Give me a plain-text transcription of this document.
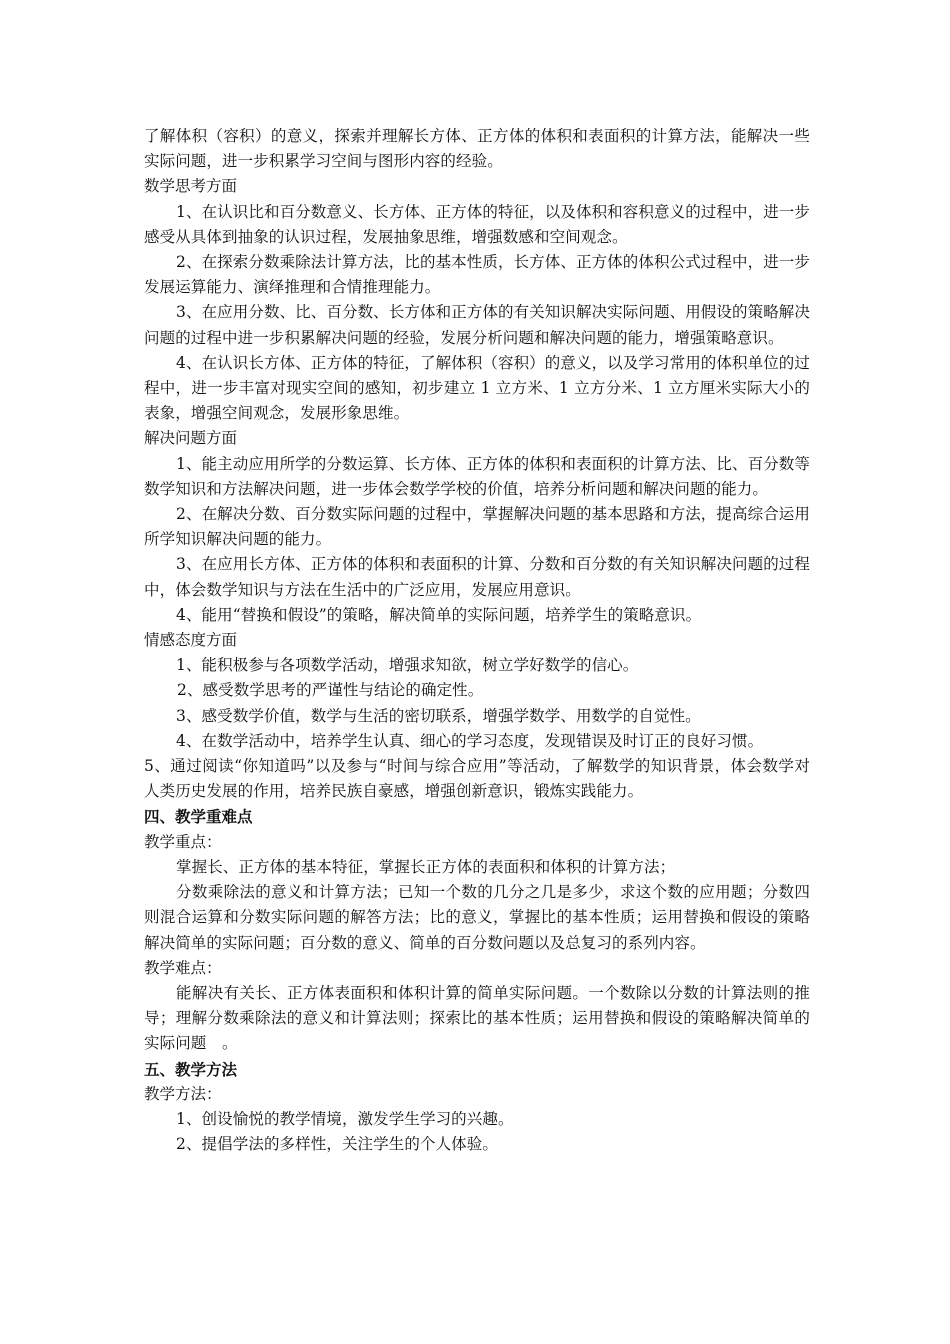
了解体积（容积）的意义，探索并理解长方体、正方体的体积和表面积的计算方法，能解决一些实际问题，进一步积累学习空间与图形内容的经验。

数学思考方面

1、在认识比和百分数意义、长方体、正方体的特征，以及体积和容积意义的过程中，进一步感受从具体到抽象的认识过程，发展抽象思维，增强数感和空间观念。

2、在探索分数乘除法计算方法，比的基本性质，长方体、正方体的体积公式过程中，进一步发展运算能力、演绎推理和合情推理能力。

3、在应用分数、比、百分数、长方体和正方体的有关知识解决实际问题、用假设的策略解决问题的过程中进一步积累解决问题的经验，发展分析问题和解决问题的能力，增强策略意识。

4、在认识长方体、正方体的特征，了解体积（容积）的意义，以及学习常用的体积单位的过程中，进一步丰富对现实空间的感知，初步建立 1 立方米、1 立方分米、1 立方厘米实际大小的表象，增强空间观念，发展形象思维。

解决问题方面

1、能主动应用所学的分数运算、长方体、正方体的体积和表面积的计算方法、比、百分数等数学知识和方法解决问题，进一步体会数学学校的价值，培养分析问题和解决问题的能力。

2、在解决分数、百分数实际问题的过程中，掌握解决问题的基本思路和方法，提高综合运用所学知识解决问题的能力。

3、在应用长方体、正方体的体积和表面积的计算、分数和百分数的有关知识解决问题的过程中，体会数学知识与方法在生活中的广泛应用，发展应用意识。

4、能用“替换和假设”的策略，解决简单的实际问题，培养学生的策略意识。

情感态度方面

1、能积极参与各项数学活动，增强求知欲，树立学好数学的信心。

2、感受数学思考的严谨性与结论的确定性。

3、感受数学价值，数学与生活的密切联系，增强学数学、用数学的自觉性。

4、在数学活动中，培养学生认真、细心的学习态度，发现错误及时订正的良好习惯。

5、通过阅读“你知道吗”以及参与“时间与综合应用”等活动，了解数学的知识背景，体会数学对人类历史发展的作用，培养民族自豪感，增强创新意识，锻炼实践能力。

四、教学重难点

教学重点：

掌握长、正方体的基本特征，掌握长正方体的表面积和体积的计算方法；

分数乘除法的意义和计算方法；已知一个数的几分之几是多少，求这个数的应用题；分数四则混合运算和分数实际问题的解答方法；比的意义，掌握比的基本性质；运用替换和假设的策略解决简单的实际问题；百分数的意义、简单的百分数问题以及总复习的系列内容。

教学难点：

能解决有关长、正方体表面积和体积计算的简单实际问题。一个数除以分数的计算法则的推导；理解分数乘除法的意义和计算法则；探索比的基本性质；运用替换和假设的策略解决简单的实际问题　。

五、教学方法

教学方法：

1、创设愉悦的教学情境，激发学生学习的兴趣。

2、提倡学法的多样性，关注学生的个人体验。
